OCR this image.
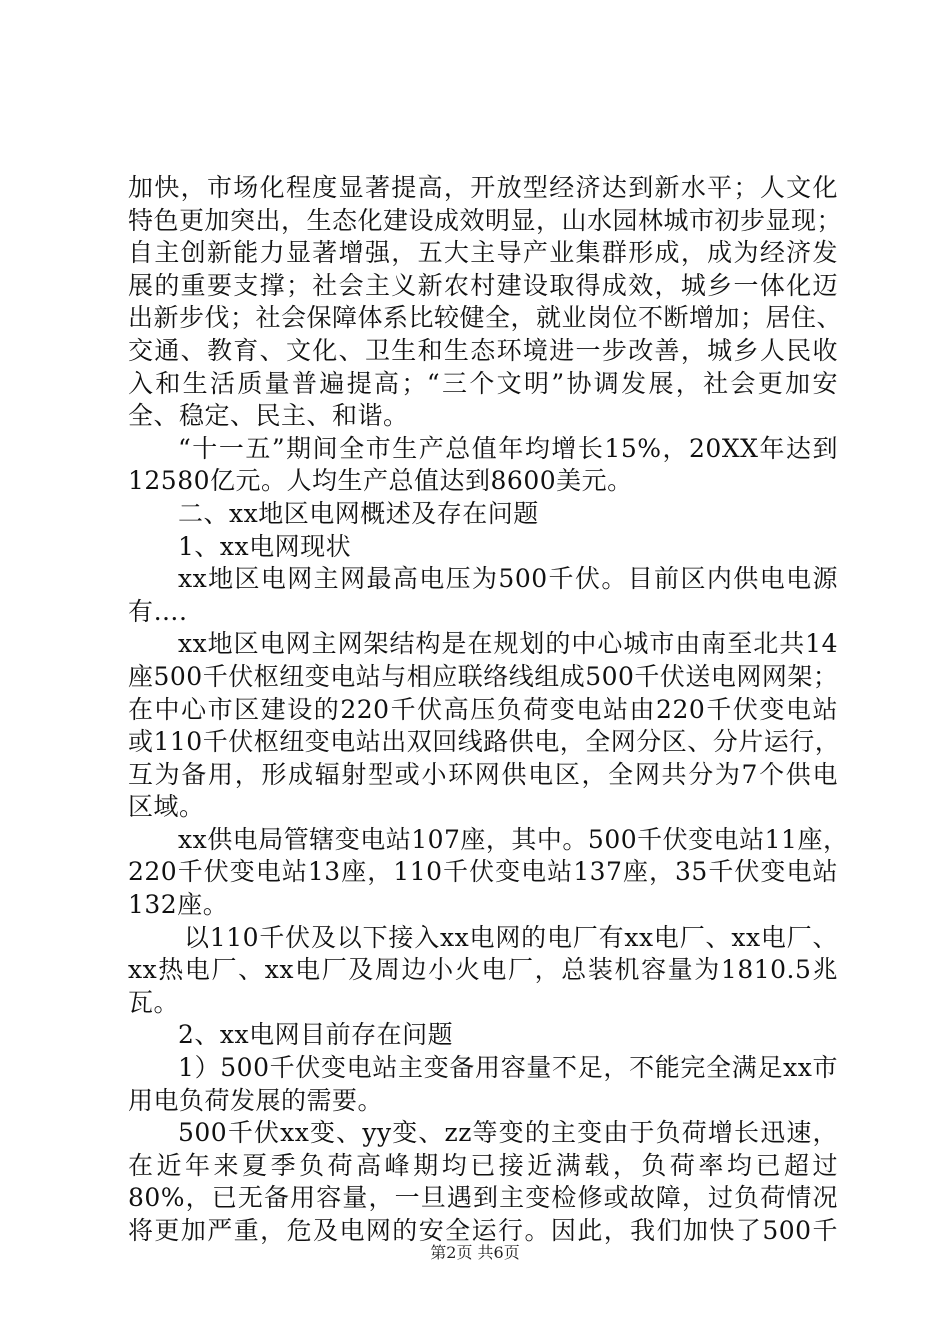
加快，市场化程度显著提高，开放型经济达到新水平；人文化
特色更加突出，生态化建设成效明显，山水园林城市初步显现；
自主创新能力显著增强，五大主导产业集群形成，成为经济发
展的重要支撑；社会主义新农村建设取得成效，城乡一体化迈
出新步伐；社会保障体系比较健全，就业岗位不断增加；居住、
交通、教育、文化、卫生和生态环境进一步改善，城乡人民收
入和生活质量普遍提高；“三个文明”协调发展，社会更加安
全、稳定、民主、和谐。
“十一五”期间全市生产总值年均增长15%，20XX年达到
12580亿元。人均生产总值达到8600美元。
二、xx地区电网概述及存在问题
1、xx电网现状
xx地区电网主网最高电压为500千伏。目前区内供电电源
有….
xx地区电网主网架结构是在规划的中心城市由南至北共14
座500千伏枢纽变电站与相应联络线组成500千伏送电网网架；
在中心市区建设的220千伏高压负荷变电站由220千伏变电站
或110千伏枢纽变电站出双回线路供电，全网分区、分片运行，
互为备用，形成辐射型或小环网供电区，全网共分为7个供电
区域。
xx供电局管辖变电站107座，其中。500千伏变电站11座，
220千伏变电站13座，110千伏变电站137座，35千伏变电站
132座。
以110千伏及以下接入xx电网的电厂有xx电厂、xx电厂、
xx热电厂、xx电厂及周边小火电厂，总装机容量为1810.5兆
瓦。
2、xx电网目前存在问题
1）500千伏变电站主变备用容量不足，不能完全满足xx市
用电负荷发展的需要。
500千伏xx变、yy变、zz等变的主变由于负荷增长迅速，
在近年来夏季负荷高峰期均已接近满载，负荷率均已超过
80%，已无备用容量，一旦遇到主变检修或故障，过负荷情况
将更加严重，危及电网的安全运行。因此，我们加快了500千
第2页 共6页
